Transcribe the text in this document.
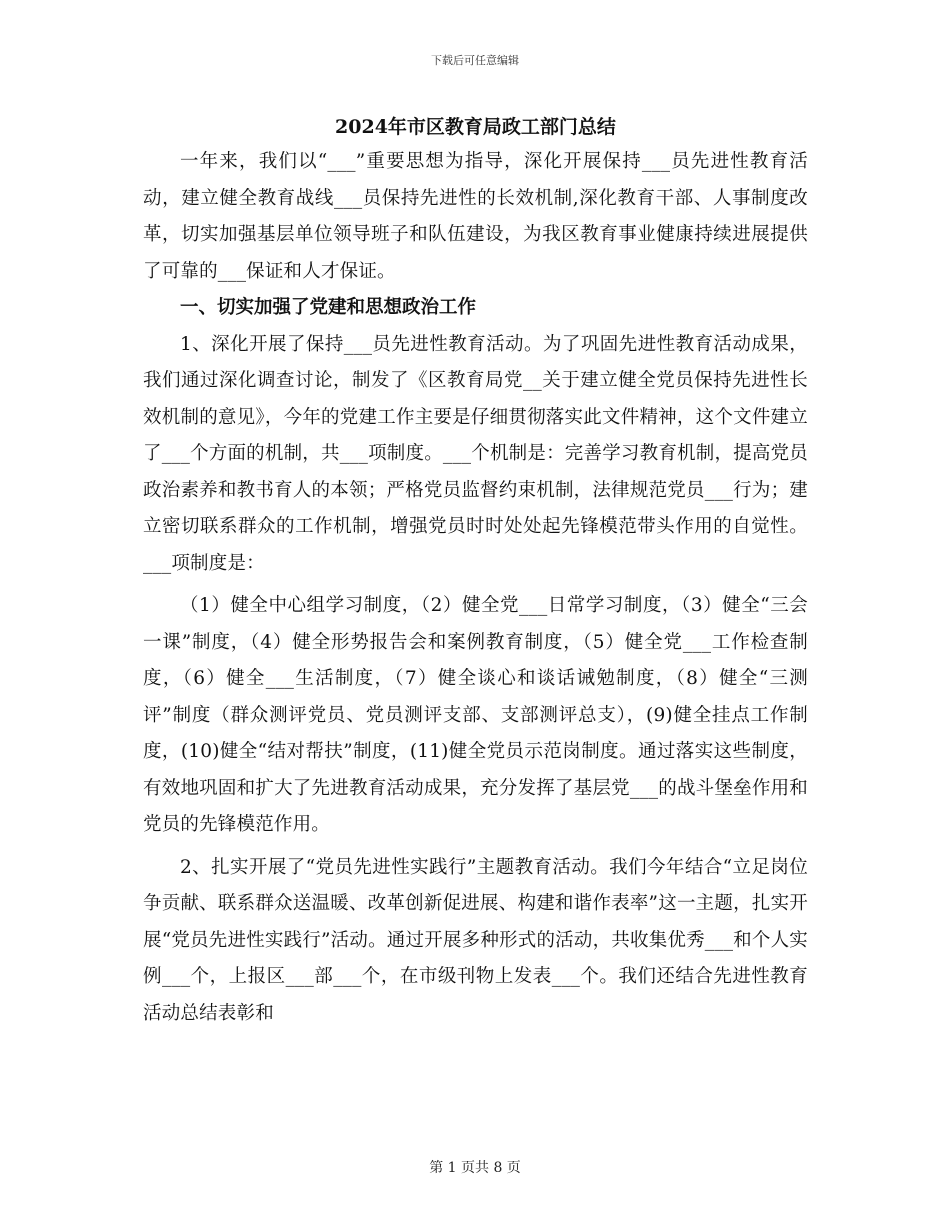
下载后可任意编辑
2024年市区教育局政工部门总结

一年来，我们以“___”重要思想为指导，深化开展保持___员先进性教育活动，建立健全教育战线___员保持先进性的长效机制,深化教育干部、人事制度改革，切实加强基层单位领导班子和队伍建设，为我区教育事业健康持续进展提供了可靠的___保证和人才保证。

一、切实加强了党建和思想政治工作

1、深化开展了保持___员先进性教育活动。为了巩固先进性教育活动成果，我们通过深化调查讨论，制发了《区教育局党__关于建立健全党员保持先进性长效机制的意见》，今年的党建工作主要是仔细贯彻落实此文件精神，这个文件建立了___个方面的机制，共___项制度。___个机制是：完善学习教育机制，提高党员政治素养和教书育人的本领；严格党员监督约束机制，法律规范党员___行为；建立密切联系群众的工作机制，增强党员时时处处起先锋模范带头作用的自觉性。___项制度是：

（1）健全中心组学习制度，（2）健全党___日常学习制度，（3）健全“三会一课”制度，（4）健全形势报告会和案例教育制度，（5）健全党___工作检查制度，（6）健全___生活制度，（7）健全谈心和谈话诫勉制度，（8）健全“三测评”制度（群众测评党员、党员测评支部、支部测评总支），(9)健全挂点工作制度，(10)健全“结对帮扶”制度，(11)健全党员示范岗制度。通过落实这些制度，有效地巩固和扩大了先进教育活动成果，充分发挥了基层党___的战斗堡垒作用和党员的先锋模范作用。

2、扎实开展了“党员先进性实践行”主题教育活动。我们今年结合“立足岗位争贡献、联系群众送温暖、改革创新促进展、构建和谐作表率”这一主题，扎实开展“党员先进性实践行”活动。通过开展多种形式的活动，共收集优秀___和个人实例___个，上报区___部___个，在市级刊物上发表___个。我们还结合先进性教育活动总结表彰和

第 1 页共 8 页
